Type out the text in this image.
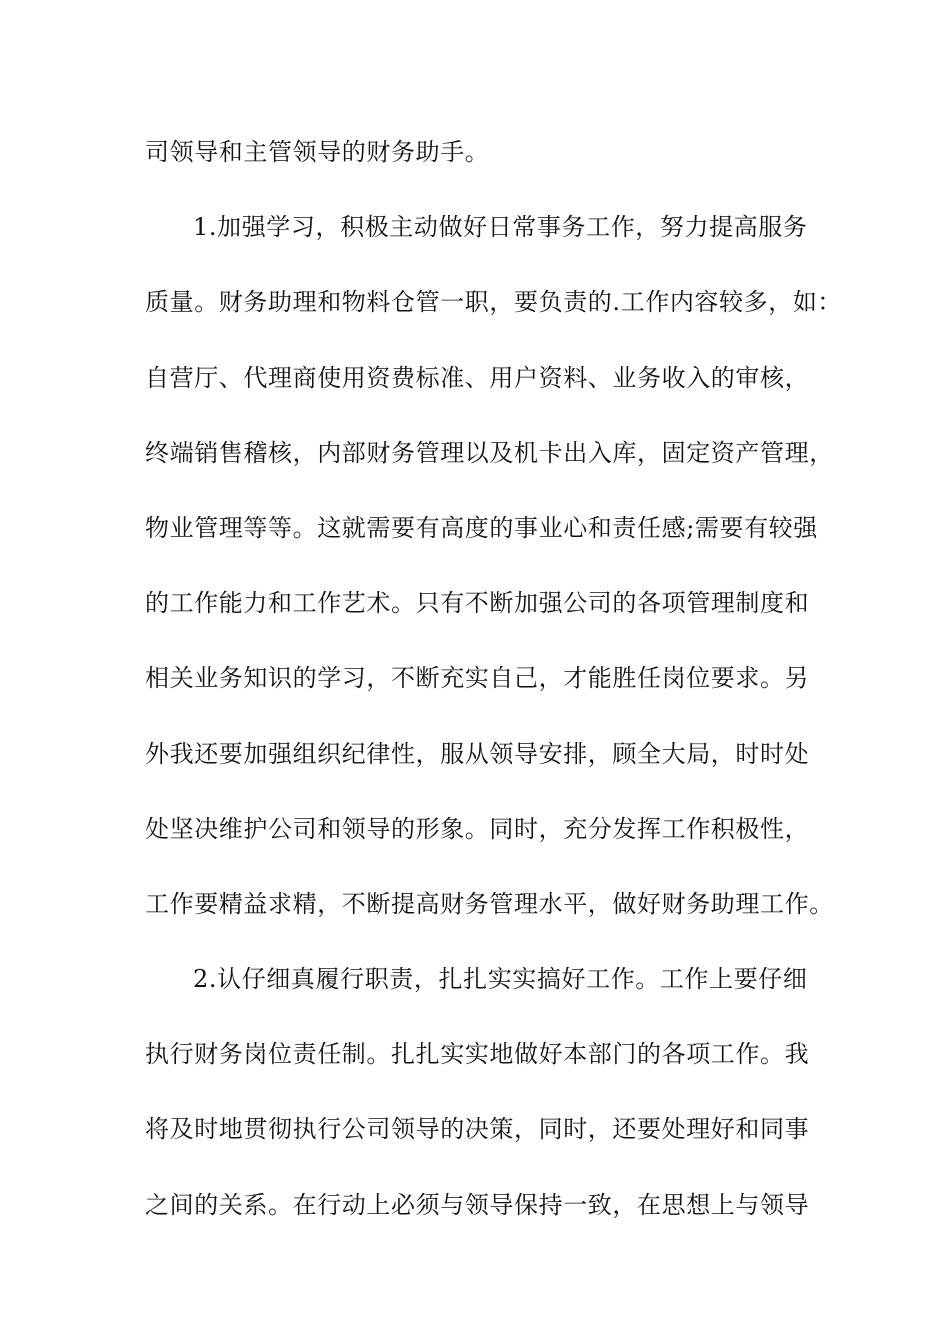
司领导和主管领导的财务助手。
1.加强学习，积极主动做好日常事务工作，努力提高服务
质量。财务助理和物料仓管一职，要负责的.工作内容较多，如：
自营厅、代理商使用资费标准、用户资料、业务收入的审核，
终端销售稽核，内部财务管理以及机卡出入库，固定资产管理，
物业管理等等。这就需要有高度的事业心和责任感;需要有较强
的工作能力和工作艺术。只有不断加强公司的各项管理制度和
相关业务知识的学习，不断充实自己，才能胜任岗位要求。另
外我还要加强组织纪律性，服从领导安排，顾全大局，时时处
处坚决维护公司和领导的形象。同时，充分发挥工作积极性，
工作要精益求精，不断提高财务管理水平，做好财务助理工作。
2.认仔细真履行职责，扎扎实实搞好工作。工作上要仔细
执行财务岗位责任制。扎扎实实地做好本部门的各项工作。我
将及时地贯彻执行公司领导的决策，同时，还要处理好和同事
之间的关系。在行动上必须与领导保持一致，在思想上与领导
